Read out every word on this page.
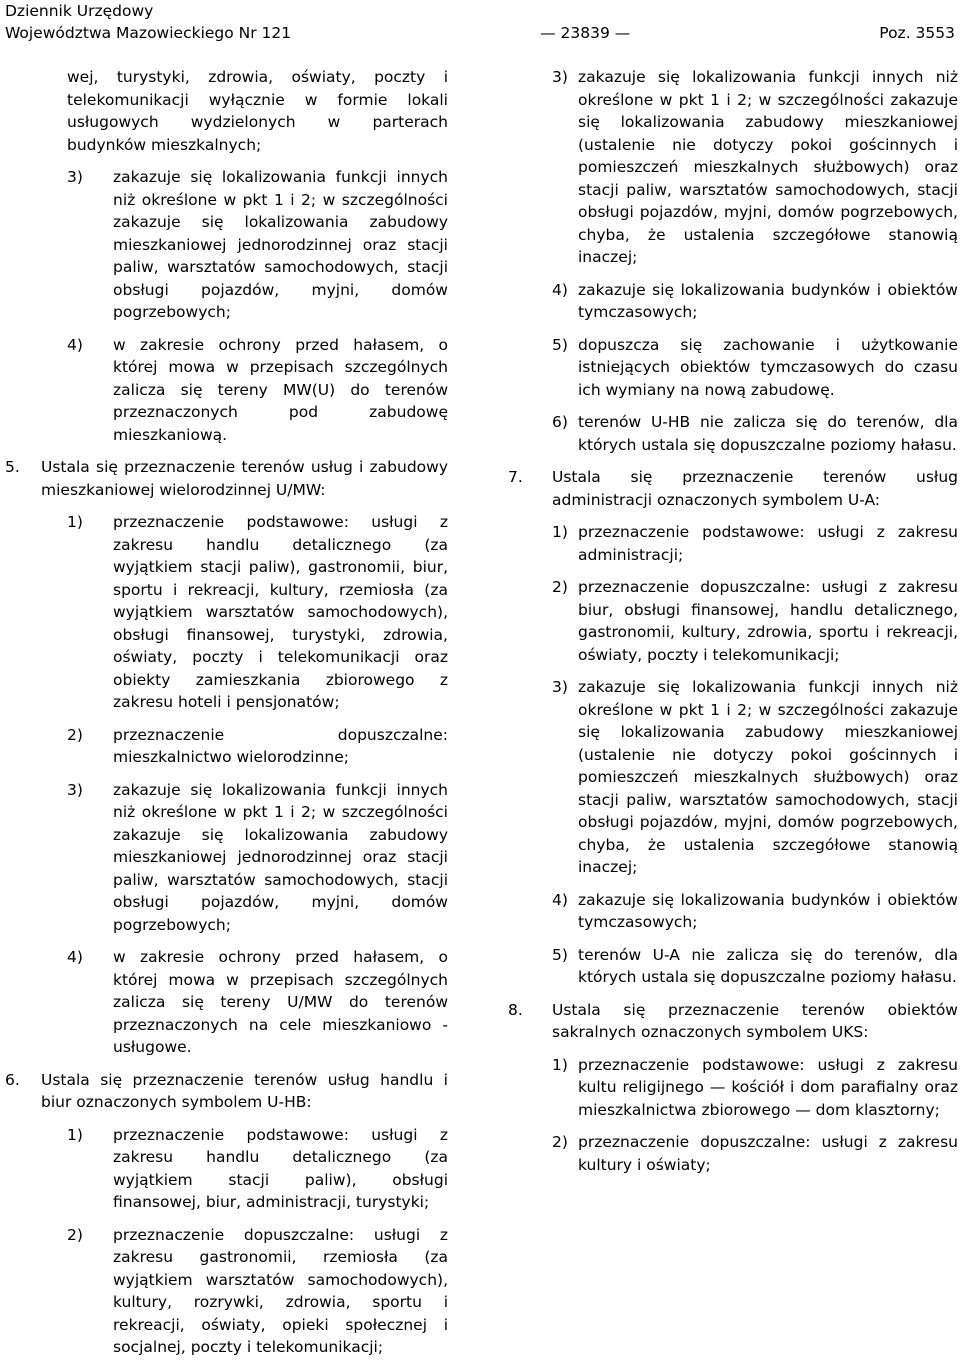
Dziennik Urzędowy
Województwa Mazowieckiego Nr 121	— 23839 —	Poz. 3553

wej, turystyki, zdrowia, oświaty, poczty i telekomunikacji wyłącznie w formie lokali usługowych wydzielonych w parterach budynków mieszkalnych;

3) zakazuje się lokalizowania funkcji innych niż określone w pkt 1 i 2; w szczególności zakazuje się lokalizowania zabudowy mieszkaniowej jednorodzinnej oraz stacji paliw, warsztatów samochodowych, stacji obsługi pojazdów, myjni, domów pogrzebowych;
4) w zakresie ochrony przed hałasem, o której mowa w przepisach szczególnych zalicza się tereny MW(U) do terenów przeznaczonych pod zabudowę mieszkaniową.
5. Ustala się przeznaczenie terenów usług i zabudowy mieszkaniowej wielorodzinnej U/MW:
1) przeznaczenie podstawowe: usługi z zakresu handlu detalicznego (za wyjątkiem stacji paliw), gastronomii, biur, sportu i rekreacji, kultury, rzemiosła (za wyjątkiem warsztatów samochodowych), obsługi finansowej, turystyki, zdrowia, oświaty, poczty i telekomunikacji oraz obiekty zamieszkania zbiorowego z zakresu hoteli i pensjonatów;
2) przeznaczenie dopuszczalne: mieszkalnictwo wielorodzinne;
3) zakazuje się lokalizowania funkcji innych niż określone w pkt 1 i 2; w szczególności zakazuje się lokalizowania zabudowy mieszkaniowej jednorodzinnej oraz stacji paliw, warsztatów samochodowych, stacji obsługi pojazdów, myjni, domów pogrzebowych;
4) w zakresie ochrony przed hałasem, o której mowa w przepisach szczególnych zalicza się tereny U/MW do terenów przeznaczonych na cele mieszkaniowo - usługowe.
6. Ustala się przeznaczenie terenów usług handlu i biur oznaczonych symbolem U-HB:
1) przeznaczenie podstawowe: usługi z zakresu handlu detalicznego (za wyjątkiem stacji paliw), obsługi finansowej, biur, administracji, turystyki;
2) przeznaczenie dopuszczalne: usługi z zakresu gastronomii, rzemiosła (za wyjątkiem warsztatów samochodowych), kultury, rozrywki, zdrowia, sportu i rekreacji, oświaty, opieki społecznej i socjalnej, poczty i telekomunikacji;
3) zakazuje się lokalizowania funkcji innych niż określone w pkt 1 i 2; w szczególności zakazuje się lokalizowania zabudowy mieszkaniowej (ustalenie nie dotyczy pokoi gościnnych i pomieszczeń mieszkalnych służbowych) oraz stacji paliw, warsztatów samochodowych, stacji obsługi pojazdów, myjni, domów pogrzebowych, chyba, że ustalenia szczegółowe stanowią inaczej;
4) zakazuje się lokalizowania budynków i obiektów tymczasowych;
5) dopuszcza się zachowanie i użytkowanie istniejących obiektów tymczasowych do czasu ich wymiany na nową zabudowę.
6) terenów U-HB nie zalicza się do terenów, dla których ustala się dopuszczalne poziomy hałasu.
7. Ustala się przeznaczenie terenów usług administracji oznaczonych symbolem U-A:
1) przeznaczenie podstawowe: usługi z zakresu administracji;
2) przeznaczenie dopuszczalne: usługi z zakresu biur, obsługi finansowej, handlu detalicznego, gastronomii, kultury, zdrowia, sportu i rekreacji, oświaty, poczty i telekomunikacji;
3) zakazuje się lokalizowania funkcji innych niż określone w pkt 1 i 2; w szczególności zakazuje się lokalizowania zabudowy mieszkaniowej (ustalenie nie dotyczy pokoi gościnnych i pomieszczeń mieszkalnych służbowych) oraz stacji paliw, warsztatów samochodowych, stacji obsługi pojazdów, myjni, domów pogrzebowych, chyba, że ustalenia szczegółowe stanowią inaczej;
4) zakazuje się lokalizowania budynków i obiektów tymczasowych;
5) terenów U-A nie zalicza się do terenów, dla których ustala się dopuszczalne poziomy hałasu.
8. Ustala się przeznaczenie terenów obiektów sakralnych oznaczonych symbolem UKS:
1) przeznaczenie podstawowe: usługi z zakresu kultu religijnego — kościół i dom parafialny oraz mieszkalnictwa zbiorowego — dom klasztorny;
2) przeznaczenie dopuszczalne: usługi z zakresu kultury i oświaty;
